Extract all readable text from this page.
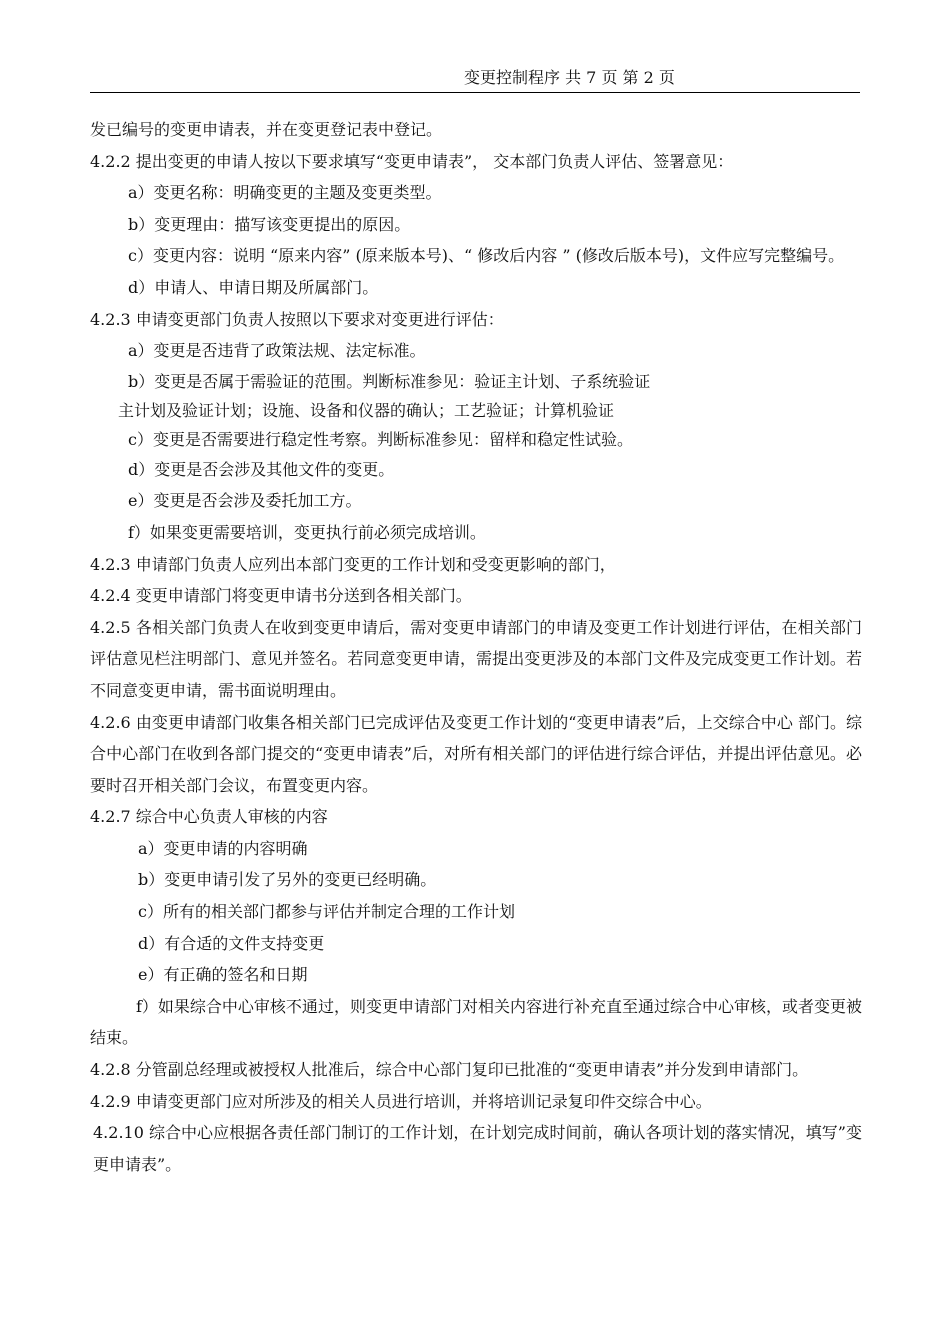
变更控制程序 共 7 页 第 2 页

发已编号的变更申请表，并在变更登记表中登记。

4.2.2 提出变更的申请人按以下要求填写“变更申请表”， 交本部门负责人评估、签署意见：

a）变更名称：明确变更的主题及变更类型。

b）变更理由：描写该变更提出的原因。

c）变更内容：说明 “原来内容” (原来版本号)、“ 修改后内容 ” (修改后版本号)，文件应写完整编号。

d）申请人、申请日期及所属部门。

4.2.3 申请变更部门负责人按照以下要求对变更进行评估：

a）变更是否违背了政策法规、法定标准。

b）变更是否属于需验证的范围。判断标准参见：验证主计划、子系统验证

主计划及验证计划；设施、设备和仪器的确认；工艺验证；计算机验证

c）变更是否需要进行稳定性考察。判断标准参见：留样和稳定性试验。

d）变更是否会涉及其他文件的变更。

e）变更是否会涉及委托加工方。

f）如果变更需要培训，变更执行前必须完成培训。

4.2.3 申请部门负责人应列出本部门变更的工作计划和受变更影响的部门，

4.2.4 变更申请部门将变更申请书分送到各相关部门。

4.2.5 各相关部门负责人在收到变更申请后，需对变更申请部门的申请及变更工作计划进行评估，在相关部门评估意见栏注明部门、意见并签名。若同意变更申请，需提出变更涉及的本部门文件及完成变更工作计划。若不同意变更申请，需书面说明理由。

4.2.6 由变更申请部门收集各相关部门已完成评估及变更工作计划的“变更申请表”后，上交综合中心 部门。综合中心部门在收到各部门提交的“变更申请表”后，对所有相关部门的评估进行综合评估，并提出评估意见。必要时召开相关部门会议，布置变更内容。

4.2.7 综合中心负责人审核的内容

a）变更申请的内容明确

b）变更申请引发了另外的变更已经明确。

c）所有的相关部门都参与评估并制定合理的工作计划

d）有合适的文件支持变更

e）有正确的签名和日期

f）如果综合中心审核不通过，则变更申请部门对相关内容进行补充直至通过综合中心审核，或者变更被结束。

4.2.8 分管副总经理或被授权人批准后，综合中心部门复印已批准的“变更申请表”并分发到申请部门。

4.2.9 申请变更部门应对所涉及的相关人员进行培训，并将培训记录复印件交综合中心。

4.2.10 综合中心应根据各责任部门制订的工作计划，在计划完成时间前，确认各项计划的落实情况，填写”变更申请表”。
